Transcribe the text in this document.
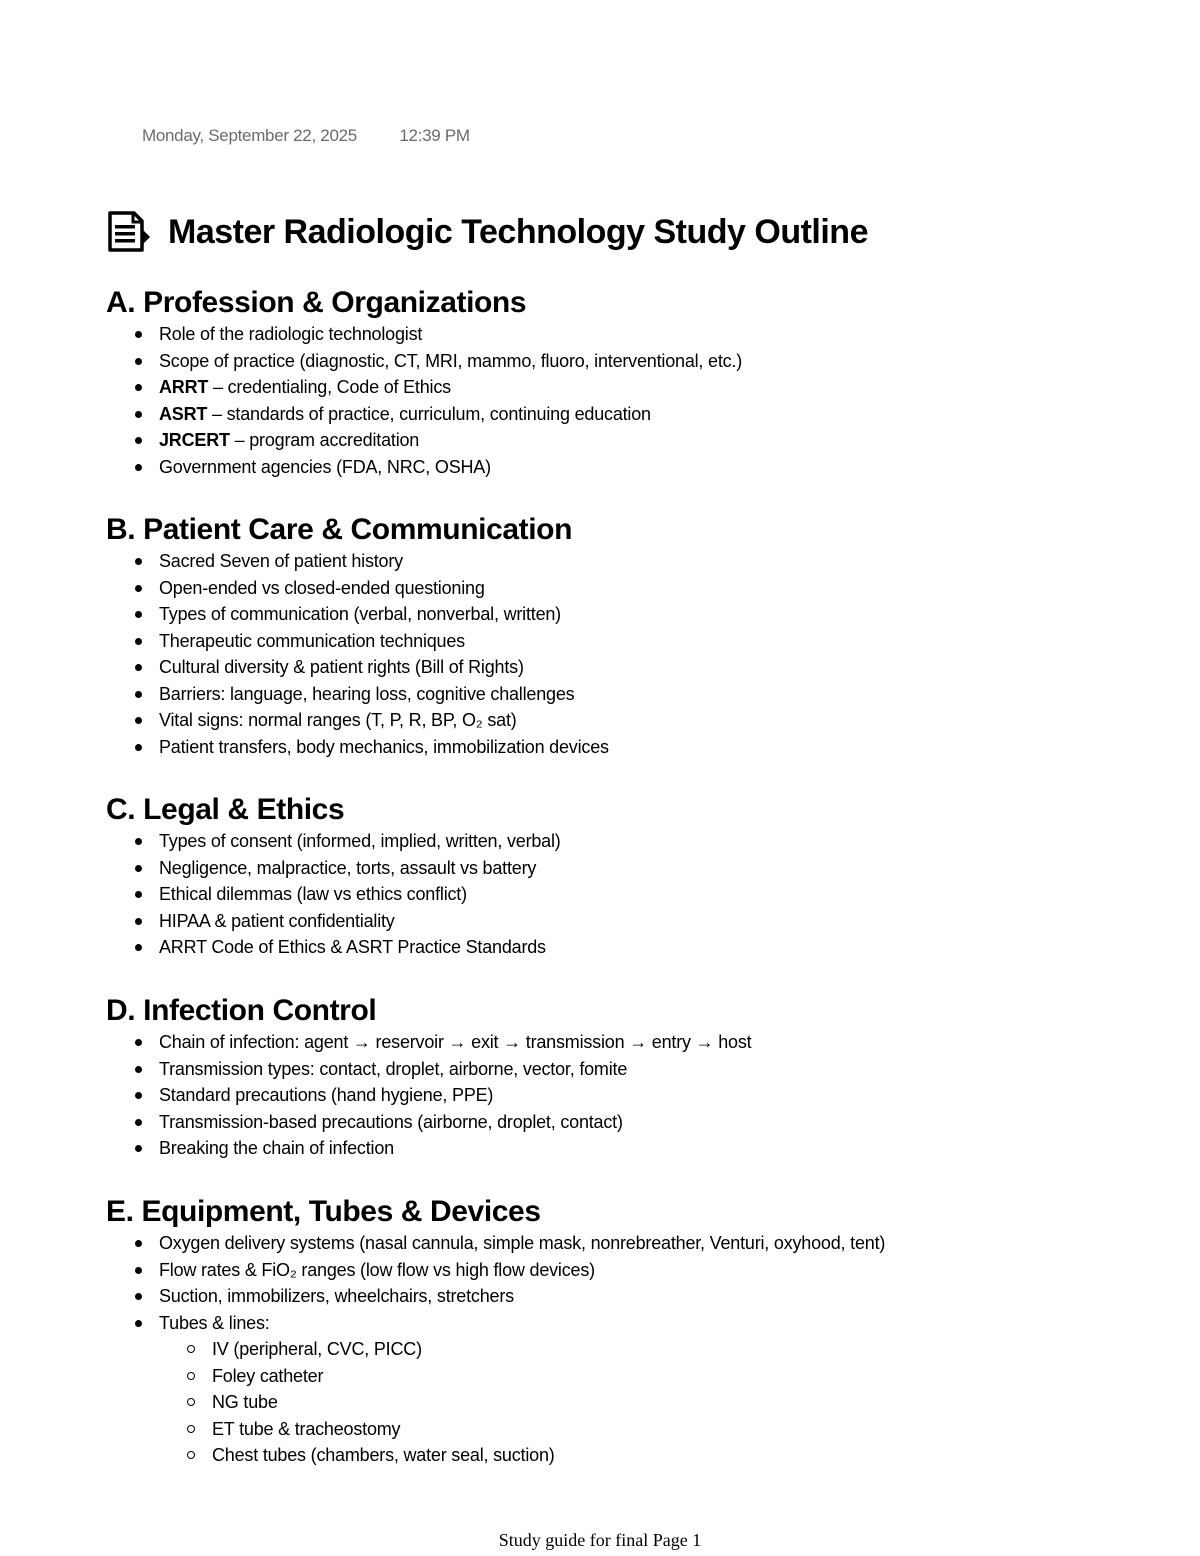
Monday, September 22, 2025 12:39 PM
Master Radiologic Technology Study Outline
A. Profession & Organizations
Role of the radiologic technologist
Scope of practice (diagnostic, CT, MRI, mammo, fluoro, interventional, etc.)
ARRT – credentialing, Code of Ethics
ASRT – standards of practice, curriculum, continuing education
JRCERT – program accreditation
Government agencies (FDA, NRC, OSHA)
B. Patient Care & Communication
Sacred Seven of patient history
Open-ended vs closed-ended questioning
Types of communication (verbal, nonverbal, written)
Therapeutic communication techniques
Cultural diversity & patient rights (Bill of Rights)
Barriers: language, hearing loss, cognitive challenges
Vital signs: normal ranges (T, P, R, BP, O₂ sat)
Patient transfers, body mechanics, immobilization devices
C. Legal & Ethics
Types of consent (informed, implied, written, verbal)
Negligence, malpractice, torts, assault vs battery
Ethical dilemmas (law vs ethics conflict)
HIPAA & patient confidentiality
ARRT Code of Ethics & ASRT Practice Standards
D. Infection Control
Chain of infection: agent → reservoir → exit → transmission → entry → host
Transmission types: contact, droplet, airborne, vector, fomite
Standard precautions (hand hygiene, PPE)
Transmission-based precautions (airborne, droplet, contact)
Breaking the chain of infection
E. Equipment, Tubes & Devices
Oxygen delivery systems (nasal cannula, simple mask, nonrebreather, Venturi, oxyhood, tent)
Flow rates & FiO₂ ranges (low flow vs high flow devices)
Suction, immobilizers, wheelchairs, stretchers
Tubes & lines:
IV (peripheral, CVC, PICC)
Foley catheter
NG tube
ET tube & tracheostomy
Chest tubes (chambers, water seal, suction)
Study guide for final Page 1
